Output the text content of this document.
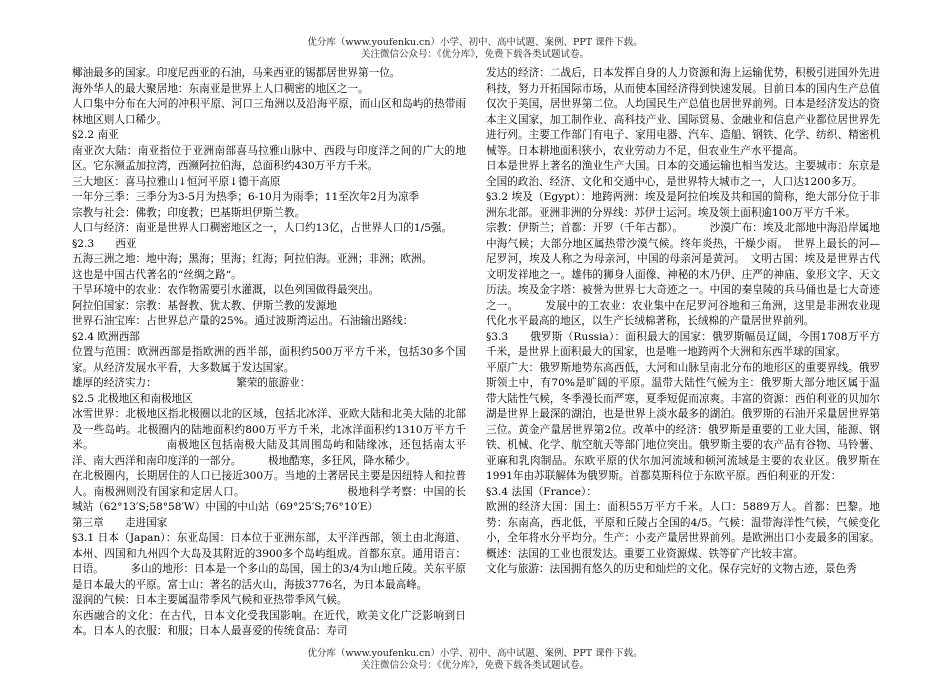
优分库（www.youfenku.cn）小学、初中、高中试题、案例、PPT 课件下载。
关注微信公众号：《优分库》，免费下载各类试题试卷。

椰油最多的国家。印度尼西亚的石油，马来西亚的锡都居世界第一位。

海外华人的最大聚居地：东南亚是世界上人口稠密的地区之一。

人口集中分布在大河的冲积平原、河口三角洲以及沿海平原，而山区和岛屿的热带雨林地区则人口稀少。

§2.2 南亚

南亚次大陆：南亚指位于亚洲南部喜马拉雅山脉中、西段与印度洋之间的广大的地区。它东濒孟加拉湾，西濒阿拉伯海，总面积约430万平方千米。

三大地区：喜马拉雅山↓恒河平原↓德干高原

一年分三季：三季分为3-5月为热季；6-10月为雨季；11至次年2月为凉季

宗教与社会：佛教；印度教；巴基斯坦伊斯兰教。

人口与经济：南亚是世界人口稠密地区之一，人口约13亿，占世界人口的1/5强。

§2.3　　西亚

五海三洲之地：地中海；黑海；里海；红海；阿拉伯海。亚洲；非洲；欧洲。

这也是中国古代著名的“丝绸之路“。

干旱环境中的农业：农作物需要引水灌溉，以色列国做得最突出。

阿拉伯国家：宗教：基督教、犹太教、伊斯兰教的发源地

世界石油宝库：占世界总产量的25%。通过波斯湾运出。石油输出路线：

§2.4 欧洲西部

位置与范围：欧洲西部是指欧洲的西半部，面积约500万平方千米，包括30多个国家。从经济发展水平看，大多数属于发达国家。

雄厚的经济实力：　　　　　　　　繁荣的旅游业：

§2.5 北极地区和南极地区

冰雪世界：北极地区指北极圈以北的区域，包括北冰洋、亚欧大陆和北美大陆的北部及一些岛屿。北极圈内的陆地面积约800万平方千米，北冰洋面积约1310万平方千米。　　　　　　　南极地区包括南极大陆及其周围岛屿和陆缘冰，还包括南太平洋、南大西洋和南印度洋的一部分。　　　极地酷寒，多狂风，降水稀少。

在北极圈内，长期居住的人口已接近300万。当地的土著居民主要是因纽特人和拉普人。南极洲则没有国家和定居人口。　　　　　　　　　　极地科学考察：中国的长城站（62°13′S;58°58′W）中国的中山站（69°25′S;76°10′E）

第三章　　走进国家

§3.1 日本（Japan）：东亚岛国：日本位于亚洲东部，太平洋西部，领土由北海道、本州、四国和九州四个大岛及其附近的3900多个岛屿组成。首都东京。通用语言：日语。　　　多山的地形：日本是一个多山的岛国，国土的3/4为山地丘陵。关东平原是日本最大的平原。富士山：著名的活火山，海拔3776名，为日本最高峰。

湿润的气候：日本主要属温带季风气候和亚热带季风气候。

东西融合的文化：在古代，日本文化受我国影响。在近代，欧美文化广泛影响到日本。日本人的衣服：和服；日本人最喜爱的传统食品：寿司

发达的经济：二战后，日本发挥自身的人力资源和海上运输优势，积极引进国外先进科技，努力开拓国际市场，从而使本国经济得到快速发展。目前日本的国内生产总值仅次于美国，居世界第二位。人均国民生产总值也居世界前列。日本是经济发达的资本主义国家，加工制作业、高科技产业、国际贸易、金融业和信息产业都位居世界先进行列。主要工作部门有电子、家用电器、汽车、造船、钢铁、化学、纺织、精密机械等。日本耕地面积狭小，农业劳动力不足，但农业生产水平提高。

日本是世界上著名的渔业生产大国。日本的交通运输也相当发达。主要城市：东京是全国的政治、经济、文化和交通中心，是世界特大城市之一，人口达1200多万。

§3.2 埃及（Egypt）：地跨两洲：埃及是阿拉伯埃及共和国的简称，绝大部分位于非洲东北部。亚洲非洲的分界线：苏伊士运河。埃及领土面积逾100万平方千米。

宗教：伊斯兰；首都：开罗（千年古都）。　　　沙漠广布：埃及北部地中海沿岸属地中海气候；大部分地区属热带沙漠气候。终年炎热，干燥少雨。　世界上最长的河—尼罗河，埃及人称之为母亲河，中国的母亲河是黄河。　文明古国：埃及是世界古代文明发祥地之一。雄伟的狮身人面像、神秘的木乃伊、庄严的神庙、象形文字、天文历法。埃及金字塔：被誉为世界七大奇迹之一。中国的秦皇陵的兵马俑也是七大奇迹之一。　　　发展中的工农业：农业集中在尼罗河谷地和三角洲，这里是非洲农业现代化水平最高的地区，以生产长绒棉著称，长绒棉的产量居世界前列。

§3.3　　俄罗斯（Russia）：面积最大的国家：俄罗斯幅员辽阔，今围1708万平方千米，是世界上面积最大的国家，也是唯一地跨两个大洲和东西半球的国家。

平原广大：俄罗斯地势东高西低，大河和山脉呈南北分布的地形区的重要界线。俄罗斯领土中，有70%是旷阔的平原。温带大陆性气候为主：俄罗斯大部分地区属于温带大陆性气候，冬季漫长而严寒，夏季短促而凉爽。丰富的资源：西伯利亚的贝加尔湖是世界上最深的湖泊，也是世界上淡水最多的湖泊。俄罗斯的石油开采量居世界第三位。黄金产量居世界第2位。改革中的经济：俄罗斯是重要的工业大国，能源、钢铁、机械、化学、航空航天等部门地位突出。俄罗斯主要的农产品有谷物、马铃薯、亚麻和乳肉制品。东欧平原的伏尔加河流域和顿河流域是主要的农业区。俄罗斯在1991年由苏联解体为俄罗斯。首都莫斯科位于东欧平原。西伯利亚的开发：

§3.4 法国（France）：

欧洲的经济大国：国土：面积55万平方千米。人口：5889万人。首都：巴黎。地势：东南高，西北低，平原和丘陵占全国的4/5。气候：温带海洋性气候，气候变化小，全年将水分平均分。生产：小麦产量居世界前列。是欧洲出口小麦最多的国家。概述：法国的工业也很发达。重要工业资源煤、铁等矿产比较丰富。

文化与旅游：法国拥有悠久的历史和灿烂的文化。保存完好的文物古迹，景色秀

优分库（www.youfenku.cn）小学、初中、高中试题、案例、PPT 课件下载。
关注微信公众号：《优分库》，免费下载各类试题试卷。
